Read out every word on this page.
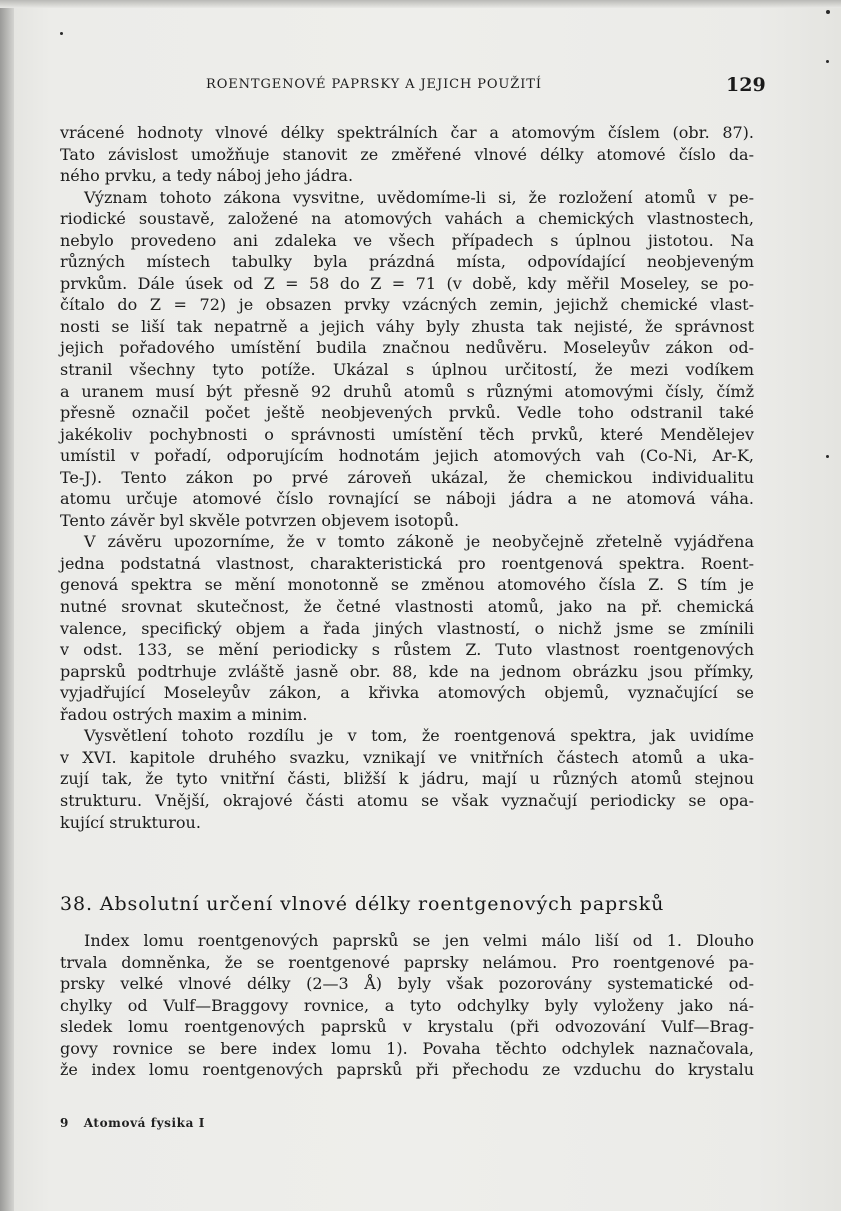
ROENTGENOVÉ PAPRSKY A JEJICH POUŽITÍ	129
vrácené hodnoty vlnové délky spektrálních čar a atomovým číslem (obr. 87).
Tato závislost umožňuje stanovit ze změřené vlnové délky atomové číslo da-
ného prvku, a tedy náboj jeho jádra.
Význam tohoto zákona vysvitne, uvědomíme-li si, že rozložení atomů v pe-
riodické soustavě, založené na atomových vahách a chemických vlastnostech,
nebylo provedeno ani zdaleka ve všech případech s úplnou jistotou. Na
různých místech tabulky byla prázdná místa, odpovídající neobjeveným
prvkům. Dále úsek od Z = 58 do Z = 71 (v době, kdy měřil Moseley, se po-
čítalo do Z = 72) je obsazen prvky vzácných zemin, jejichž chemické vlast-
nosti se liší tak nepatrně a jejich váhy byly zhusta tak nejisté, že správnost
jejich pořadového umístění budila značnou nedůvěru. Moseleyův zákon od-
stranil všechny tyto potíže. Ukázal s úplnou určitostí, že mezi vodíkem
a uranem musí být přesně 92 druhů atomů s různými atomovými čísly, čímž
přesně označil počet ještě neobjevených prvků. Vedle toho odstranil také
jakékoliv pochybnosti o správnosti umístění těch prvků, které Mendělejev
umístil v pořadí, odporujícím hodnotám jejich atomových vah (Co-Ni, Ar-K,
Te-J). Tento zákon po prvé zároveň ukázal, že chemickou individualitu
atomu určuje atomové číslo rovnající se náboji jádra a ne atomová váha.
Tento závěr byl skvěle potvrzen objevem isotopů.
V závěru upozorníme, že v tomto zákoně je neobyčejně zřetelně vyjádřena
jedna podstatná vlastnost, charakteristická pro roentgenová spektra. Roent-
genová spektra se mění monotonně se změnou atomového čísla Z. S tím je
nutné srovnat skutečnost, že četné vlastnosti atomů, jako na př. chemická
valence, specifický objem a řada jiných vlastností, o nichž jsme se zmínili
v odst. 133, se mění periodicky s růstem Z. Tuto vlastnost roentgenových
paprsků podtrhuje zvláště jasně obr. 88, kde na jednom obrázku jsou přímky,
vyjadřující Moseleyův zákon, a křivka atomových objemů, vyznačující se
řadou ostrých maxim a minim.
Vysvětlení tohoto rozdílu je v tom, že roentgenová spektra, jak uvidíme
v XVI. kapitole druhého svazku, vznikají ve vnitřních částech atomů a uka-
zují tak, že tyto vnitřní části, bližší k jádru, mají u různých atomů stejnou
strukturu. Vnější, okrajové části atomu se však vyznačují periodicky se opa-
kující strukturou.
38. Absolutní určení vlnové délky roentgenových paprsků
Index lomu roentgenových paprsků se jen velmi málo liší od 1. Dlouho
trvala domněnka, že se roentgenové paprsky nelámou. Pro roentgenové pa-
prsky velké vlnové délky (2—3 Å) byly však pozorovány systematické od-
chylky od Vulf—Braggovy rovnice, a tyto odchylky byly vyloženy jako ná-
sledek lomu roentgenových paprsků v krystalu (při odvozování Vulf—Brag-
govy rovnice se bere index lomu 1). Povaha těchto odchylek naznačovala,
že index lomu roentgenových paprsků při přechodu ze vzduchu do krystalu
9 Atomová fysika I
